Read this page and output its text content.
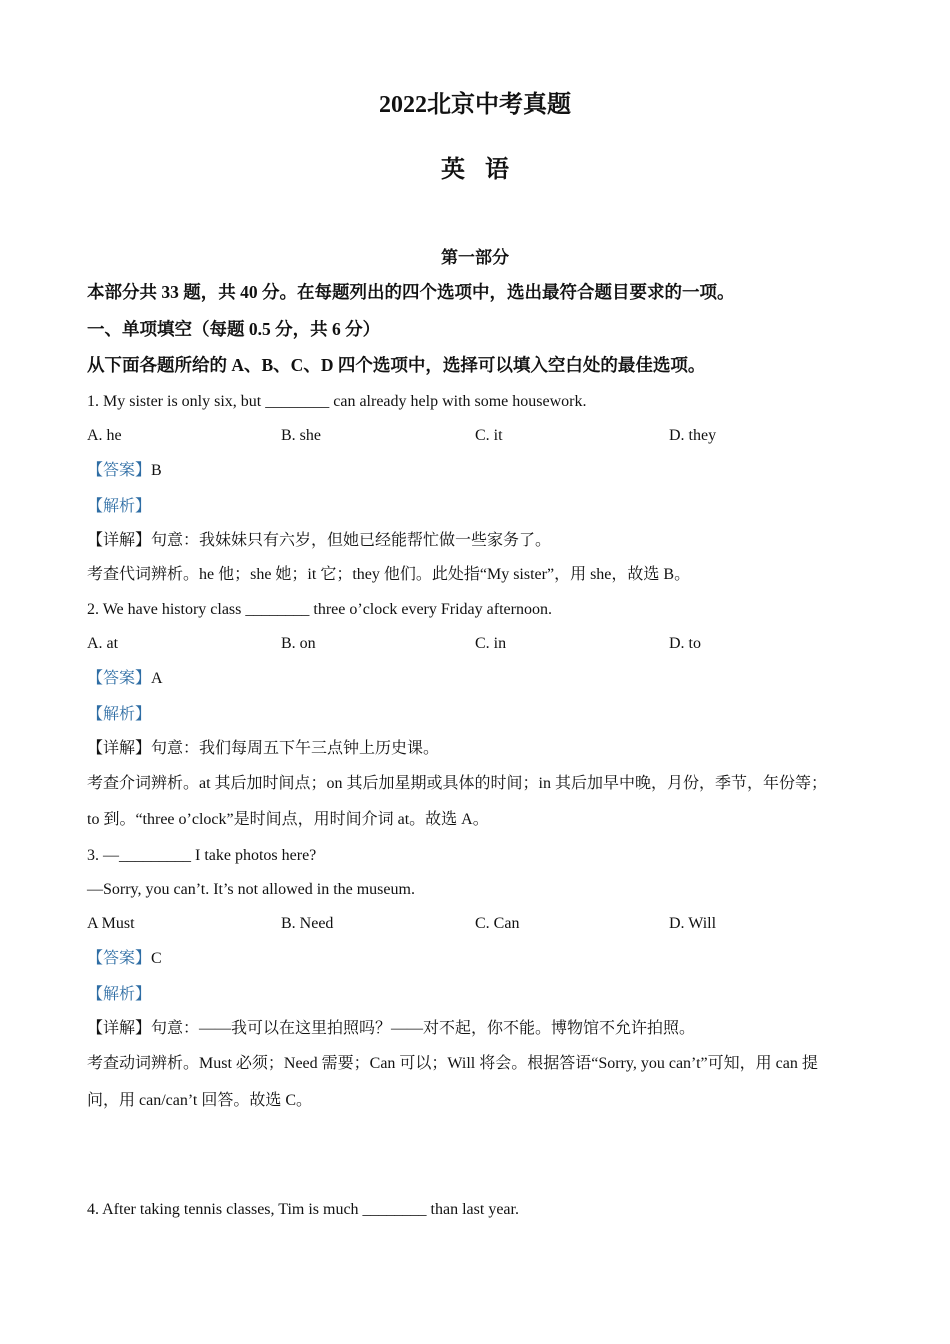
2022北京中考真题
英语
第一部分
本部分共 33 题，共 40 分。在每题列出的四个选项中，选出最符合题目要求的一项。
一、单项填空（每题 0.5 分，共 6 分）
从下面各题所给的 A、B、C、D 四个选项中，选择可以填入空白处的最佳选项。
1. My sister is only six, but ________ can already help with some housework.
A. he	B. she	C. it	D. they
【答案】B
【解析】
【详解】句意：我妹妹只有六岁，但她已经能帮忙做一些家务了。
考查代词辨析。he 他；she 她；it 它；they 他们。此处指“My sister”，用 she，故选 B。
2. We have history class ________ three o’clock every Friday afternoon.
A. at	B. on	C. in	D. to
【答案】A
【解析】
【详解】句意：我们每周五下午三点钟上历史课。
考查介词辨析。at 其后加时间点；on 其后加星期或具体的时间；in 其后加早中晚，月份，季节，年份等；
to 到。“three o’clock”是时间点，用时间介词 at。故选 A。
3. —_________ I take photos here?
—Sorry, you can’t. It’s not allowed in the museum.
A Must	B. Need	C. Can	D. Will
【答案】C
【解析】
【详解】句意：——我可以在这里拍照吗？——对不起，你不能。博物馆不允许拍照。
考查动词辨析。Must 必须；Need 需要；Can 可以；Will 将会。根据答语“Sorry, you can’t”可知，用 can 提
问，用 can/can’t 回答。故选 C。
4. After taking tennis classes, Tim is much ________ than last year.
